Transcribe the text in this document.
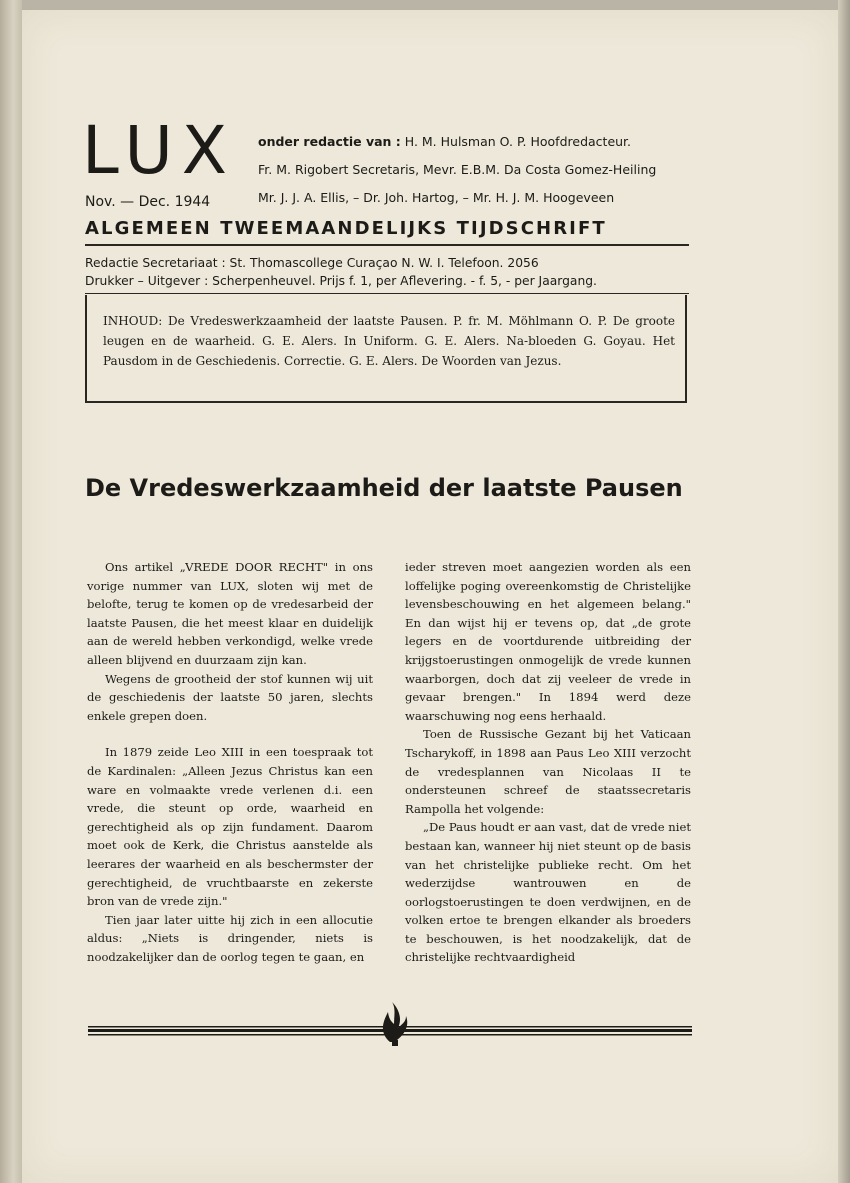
LUX
Nov. — Dec. 1944
onder redactie van : H. M. Hulsman O. P. Hoofdredacteur.
Fr. M. Rigobert Secretaris, Mevr. E.B.M. Da Costa Gomez-Heiling
Mr. J. J. A. Ellis, – Dr. Joh. Hartog, – Mr. H. J. M. Hoogeveen
ALGEMEEN TWEEMAANDELIJKS TIJDSCHRIFT
Redactie Secretariaat : St. Thomascollege Curaçao N. W. I. Telefoon. 2056
Drukker – Uitgever : Scherpenheuvel. Prijs f. 1, per Aflevering. - f. 5, - per Jaargang.
INHOUD: De Vredeswerkzaamheid der laatste Pausen. P. fr. M. Möhlmann O. P. De groote leugen en de waarheid. G. E. Alers. In Uniform. G. E. Alers. Na-bloeden G. Goyau. Het Pausdom in de Geschiedenis. Correctie. G. E. Alers. De Woorden van Jezus.
De Vredeswerkzaamheid der laatste Pausen

Ons artikel „VREDE DOOR RECHT" in ons vorige nummer van LUX, sloten wij met de belofte, terug te komen op de vredesarbeid der laatste Pausen, die het meest klaar en duidelijk aan de wereld hebben verkondigd, welke vrede alleen blijvend en duurzaam zijn kan.

Wegens de grootheid der stof kunnen wij uit de geschiedenis der laatste 50 jaren, slechts enkele grepen doen.

In 1879 zeide Leo XIII in een toespraak tot de Kardinalen: „Alleen Jezus Christus kan een ware en volmaakte vrede verlenen d.i. een vrede, die steunt op orde, waarheid en gerechtigheid als op zijn fundament. Daarom moet ook de Kerk, die Christus aanstelde als leerares der waarheid en als beschermster der gerechtigheid, de vruchtbaarste en zekerste bron van de vrede zijn."

Tien jaar later uitte hij zich in een allocutie aldus: „Niets is dringender, niets is noodzakelijker dan de oorlog tegen te gaan, en

ieder streven moet aangezien worden als een loffelijke poging overeenkomstig de Christelijke levensbeschouwing en het algemeen belang." En dan wijst hij er tevens op, dat „de grote legers en de voortdurende uitbreiding der krijgstoerustingen onmogelijk de vrede kunnen waarborgen, doch dat zij veeleer de vrede in gevaar brengen." In 1894 werd deze waarschuwing nog eens herhaald.

Toen de Russische Gezant bij het Vaticaan Tscharykoff, in 1898 aan Paus Leo XIII verzocht de vredesplannen van Nicolaas II te ondersteunen schreef de staatssecretaris Rampolla het volgende:

„De Paus houdt er aan vast, dat de vrede niet bestaan kan, wanneer hij niet steunt op de basis van het christelijke publieke recht. Om het wederzijdse wantrouwen en de oorlogstoerustingen te doen verdwijnen, en de volken ertoe te brengen elkander als broeders te beschouwen, is het noodzakelijk, dat de christelijke rechtvaardigheid
